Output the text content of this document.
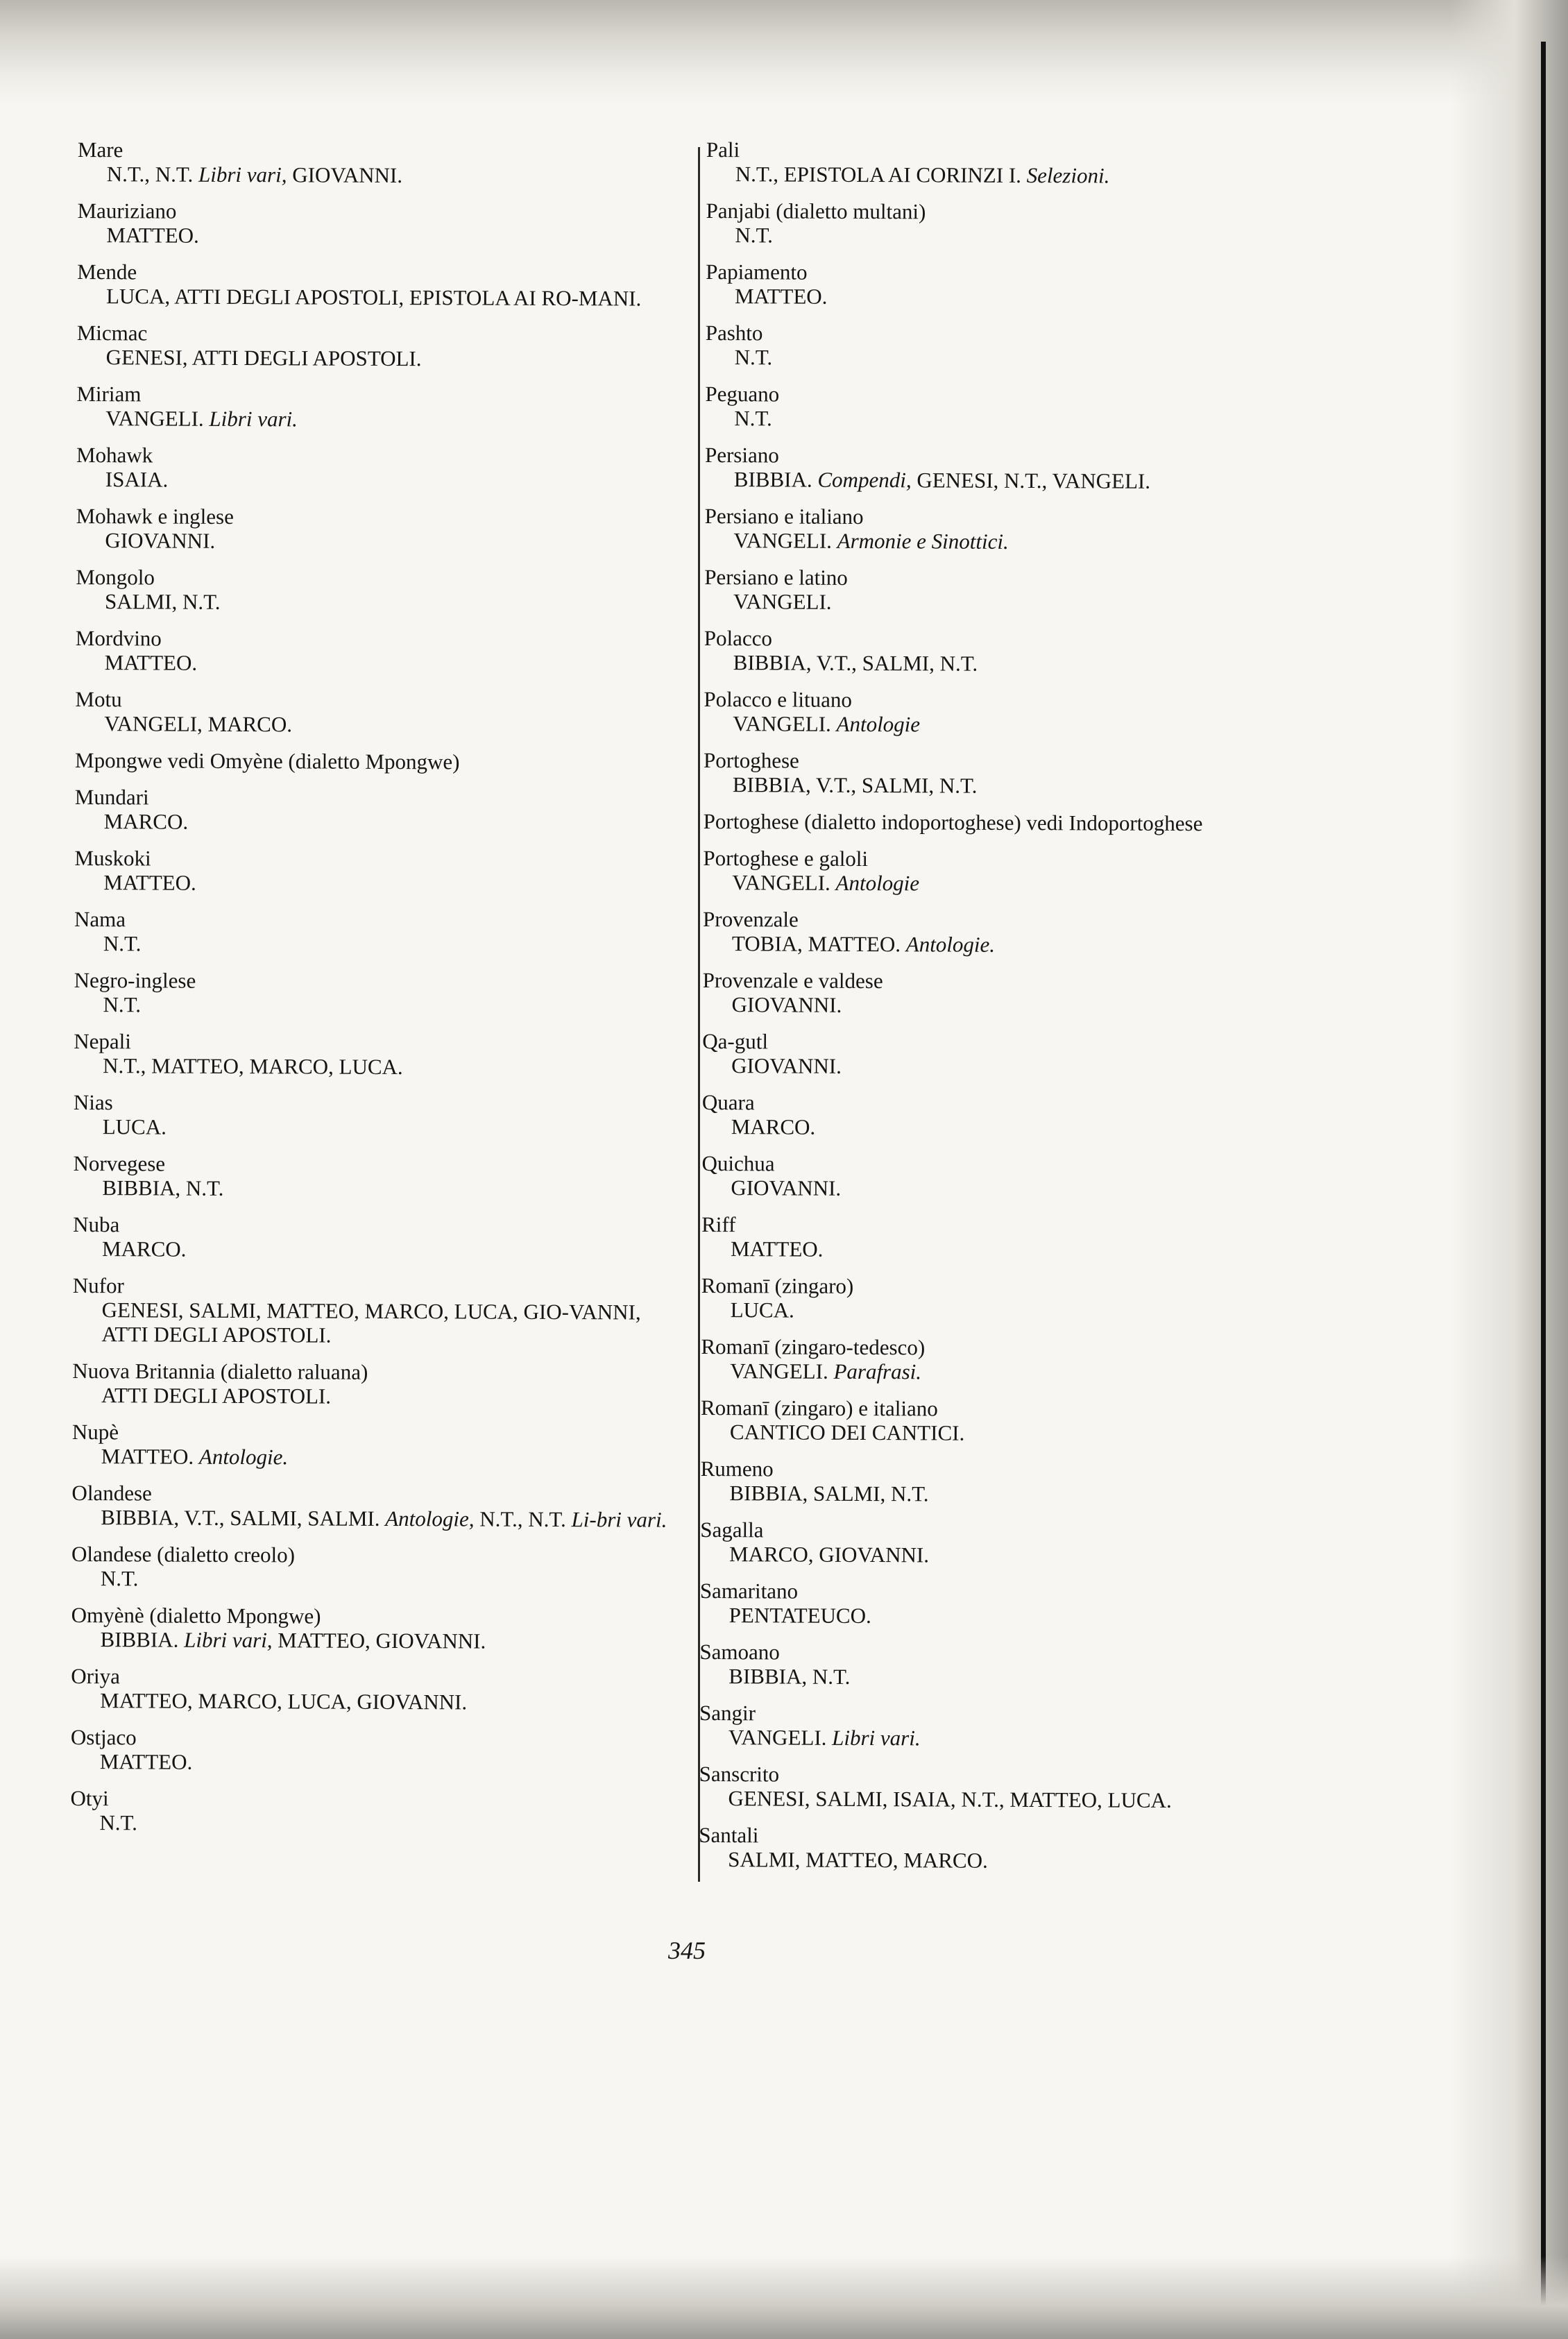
Mare
N.T., N.T. Libri vari, GIOVANNI.
Mauriziano
MATTEO.
Mende
LUCA, ATTI DEGLI APOSTOLI, EPISTOLA AI RO-MANI.
Micmac
GENESI, ATTI DEGLI APOSTOLI.
Miriam
VANGELI. Libri vari.
Mohawk
ISAIA.
Mohawk e inglese
GIOVANNI.
Mongolo
SALMI, N.T.
Mordvino
MATTEO.
Motu
VANGELI, MARCO.
Mpongwe vedi Omyène (dialetto Mpongwe)
Mundari
MARCO.
Muskoki
MATTEO.
Nama
N.T.
Negro-inglese
N.T.
Nepali
N.T., MATTEO, MARCO, LUCA.
Nias
LUCA.
Norvegese
BIBBIA, N.T.
Nuba
MARCO.
Nufor
GENESI, SALMI, MATTEO, MARCO, LUCA, GIO-VANNI, ATTI DEGLI APOSTOLI.
Nuova Britannia (dialetto raluana)
ATTI DEGLI APOSTOLI.
Nupè
MATTEO. Antologie.
Olandese
BIBBIA, V.T., SALMI, SALMI. Antologie, N.T., N.T. Li-bri vari.
Olandese (dialetto creolo)
N.T.
Omyènè (dialetto Mpongwe)
BIBBIA. Libri vari, MATTEO, GIOVANNI.
Oriya
MATTEO, MARCO, LUCA, GIOVANNI.
Ostjaco
MATTEO.
Otyi
N.T.
Pali
N.T., EPISTOLA AI CORINZI I. Selezioni.
Panjabi (dialetto multani)
N.T.
Papiamento
MATTEO.
Pashto
N.T.
Peguano
N.T.
Persiano
BIBBIA. Compendi, GENESI, N.T., VANGELI.
Persiano e italiano
VANGELI. Armonie e Sinottici.
Persiano e latino
VANGELI.
Polacco
BIBBIA, V.T., SALMI, N.T.
Polacco e lituano
VANGELI. Antologie
Portoghese
BIBBIA, V.T., SALMI, N.T.
Portoghese (dialetto indoportoghese) vedi Indoportoghese
Portoghese e galoli
VANGELI. Antologie
Provenzale
TOBIA, MATTEO. Antologie.
Provenzale e valdese
GIOVANNI.
Qa-gutl
GIOVANNI.
Quara
MARCO.
Quichua
GIOVANNI.
Riff
MATTEO.
Romanī (zingaro)
LUCA.
Romanī (zingaro-tedesco)
VANGELI. Parafrasi.
Romanī (zingaro) e italiano
CANTICO DEI CANTICI.
Rumeno
BIBBIA, SALMI, N.T.
Sagalla
MARCO, GIOVANNI.
Samaritano
PENTATEUCO.
Samoano
BIBBIA, N.T.
Sangir
VANGELI. Libri vari.
Sanscrito
GENESI, SALMI, ISAIA, N.T., MATTEO, LUCA.
Santali
SALMI, MATTEO, MARCO.
345
